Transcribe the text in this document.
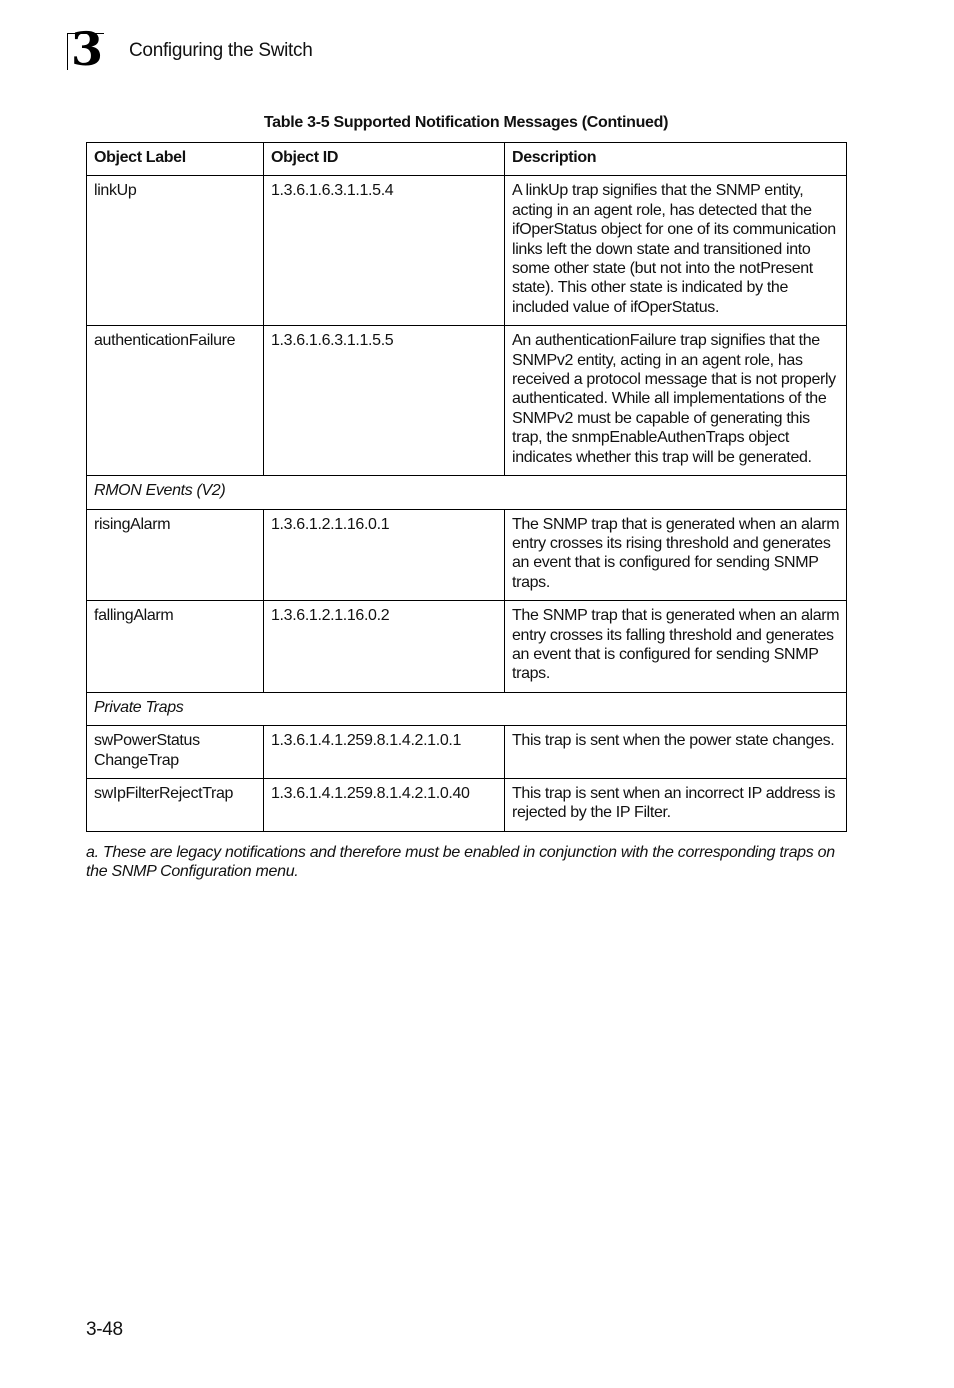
3 Configuring the Switch
Table 3-5 Supported Notification Messages (Continued)
Object Label	Object ID	Description
linkUp	1.3.6.1.6.3.1.1.5.4	A linkUp trap signifies that the SNMP entity, acting in an agent role, has detected that the ifOperStatus object for one of its communication links left the down state and transitioned into some other state (but not into the notPresent state). This other state is indicated by the included value of ifOperStatus.
authenticationFailure	1.3.6.1.6.3.1.1.5.5	An authenticationFailure trap signifies that the SNMPv2 entity, acting in an agent role, has received a protocol message that is not properly authenticated. While all implementations of the SNMPv2 must be capable of generating this trap, the snmpEnableAuthenTraps object indicates whether this trap will be generated.
RMON Events (V2)		
risingAlarm	1.3.6.1.2.1.16.0.1	The SNMP trap that is generated when an alarm entry crosses its rising threshold and generates an event that is configured for sending SNMP traps.
fallingAlarm	1.3.6.1.2.1.16.0.2	The SNMP trap that is generated when an alarm entry crosses its falling threshold and generates an event that is configured for sending SNMP traps.
Private Traps		
swPowerStatus ChangeTrap	1.3.6.1.4.1.259.8.1.4.2.1.0.1	This trap is sent when the power state changes.
swIpFilterRejectTrap	1.3.6.1.4.1.259.8.1.4.2.1.0.40	This trap is sent when an incorrect IP address is rejected by the IP Filter.
a. These are legacy notifications and therefore must be enabled in conjunction with the corresponding traps on the SNMP Configuration menu.
3-48
